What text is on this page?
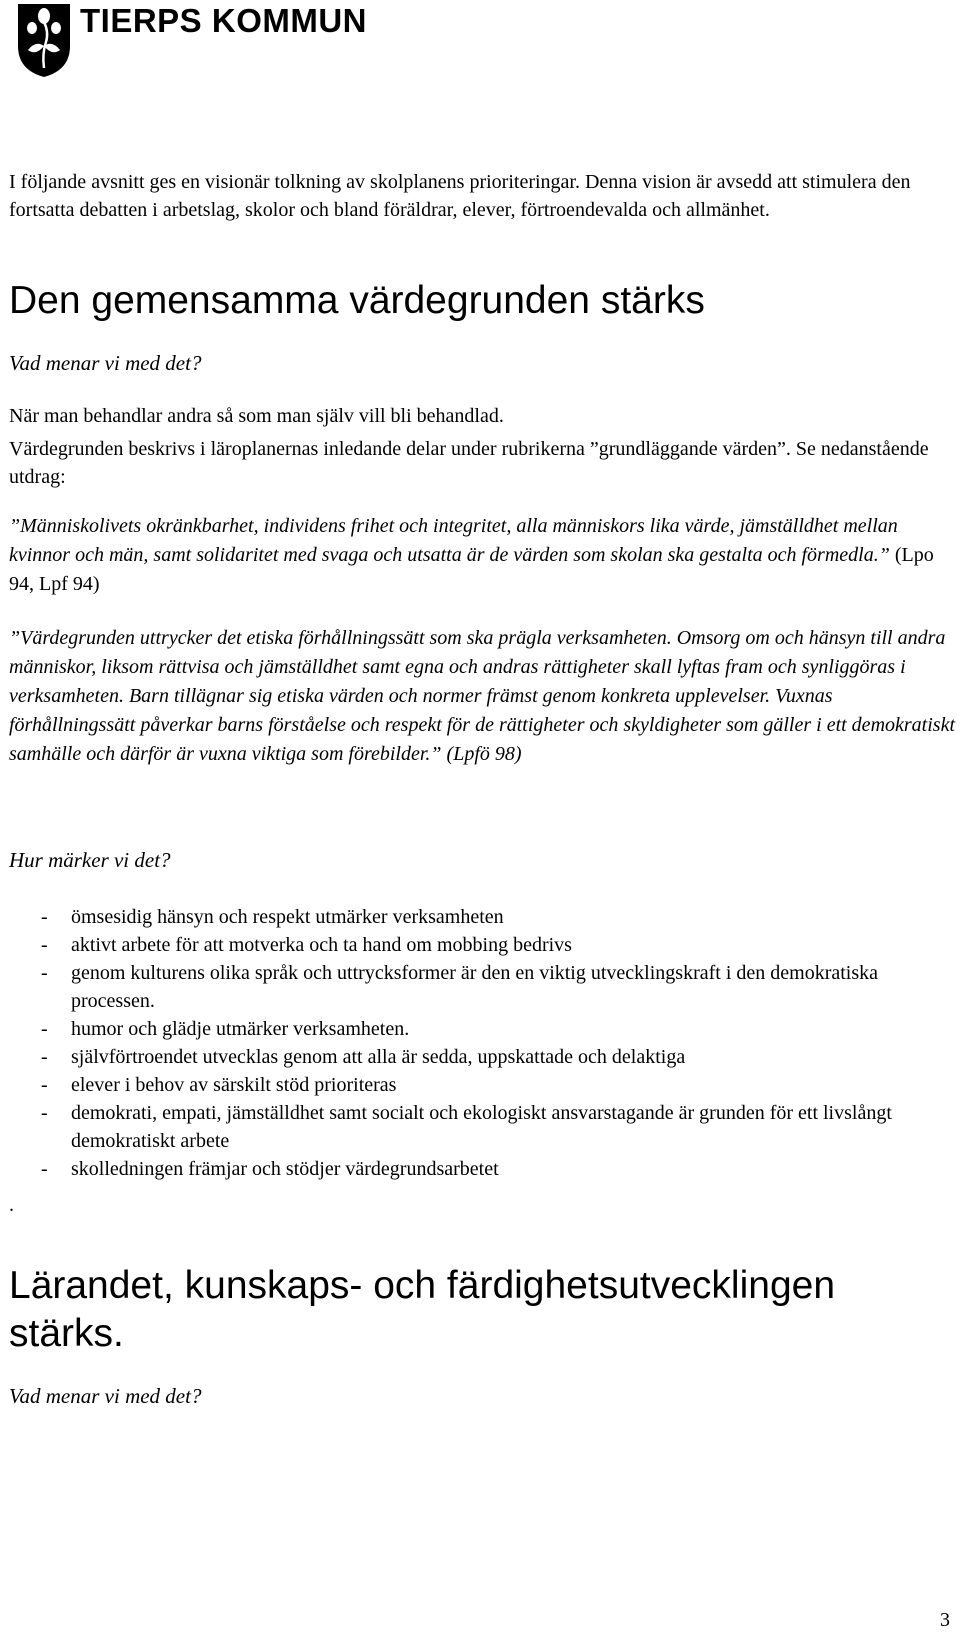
TIERPS KOMMUN
I följande avsnitt ges en visionär tolkning av skolplanens prioriteringar. Denna vision är avsedd att stimulera den fortsatta debatten i arbetslag, skolor och bland föräldrar, elever, förtroendevalda och allmänhet.
Den gemensamma värdegrunden stärks
Vad menar vi med det?
När man behandlar andra så som man själv vill bli behandlad.
Värdegrunden beskrivs i läroplanernas inledande delar under rubrikerna ”grundläggande värden”. Se nedanstående utdrag:
”Människolivets okränkbarhet, individens frihet och integritet, alla människors lika värde, jämställdhet mellan kvinnor och män, samt solidaritet med svaga och utsatta är de värden som skolan ska gestalta och förmedla.” (Lpo 94, Lpf 94)
”Värdegrunden uttrycker det etiska förhållningssätt som ska prägla verksamheten. Omsorg om och hänsyn till andra människor, liksom rättvisa och jämställdhet samt egna och andras rättigheter skall lyftas fram och synliggöras i verksamheten. Barn tillägnar sig etiska värden och normer främst genom konkreta upplevelser. Vuxnas förhållningssätt påverkar barns förståelse och respekt för de rättigheter och skyldigheter som gäller i ett demokratiskt samhälle och därför är vuxna viktiga som förebilder.” (Lpfö 98)
Hur märker vi det?
- ömsesidig hänsyn och respekt utmärker verksamheten
- aktivt arbete för att motverka och ta hand om mobbing bedrivs
- genom kulturens olika språk och uttrycksformer är den en viktig utvecklingskraft i den demokratiska processen.
- humor och glädje utmärker verksamheten.
- självförtroendet utvecklas genom att alla är sedda, uppskattade och delaktiga
- elever i behov av särskilt stöd prioriteras
- demokrati, empati, jämställdhet samt socialt och ekologiskt ansvarstagande är grunden för ett livslångt demokratiskt arbete
- skolledningen främjar och stödjer värdegrundsarbetet
.
Lärandet, kunskaps- och färdighetsutvecklingen stärks.
Vad menar vi med det?
3
